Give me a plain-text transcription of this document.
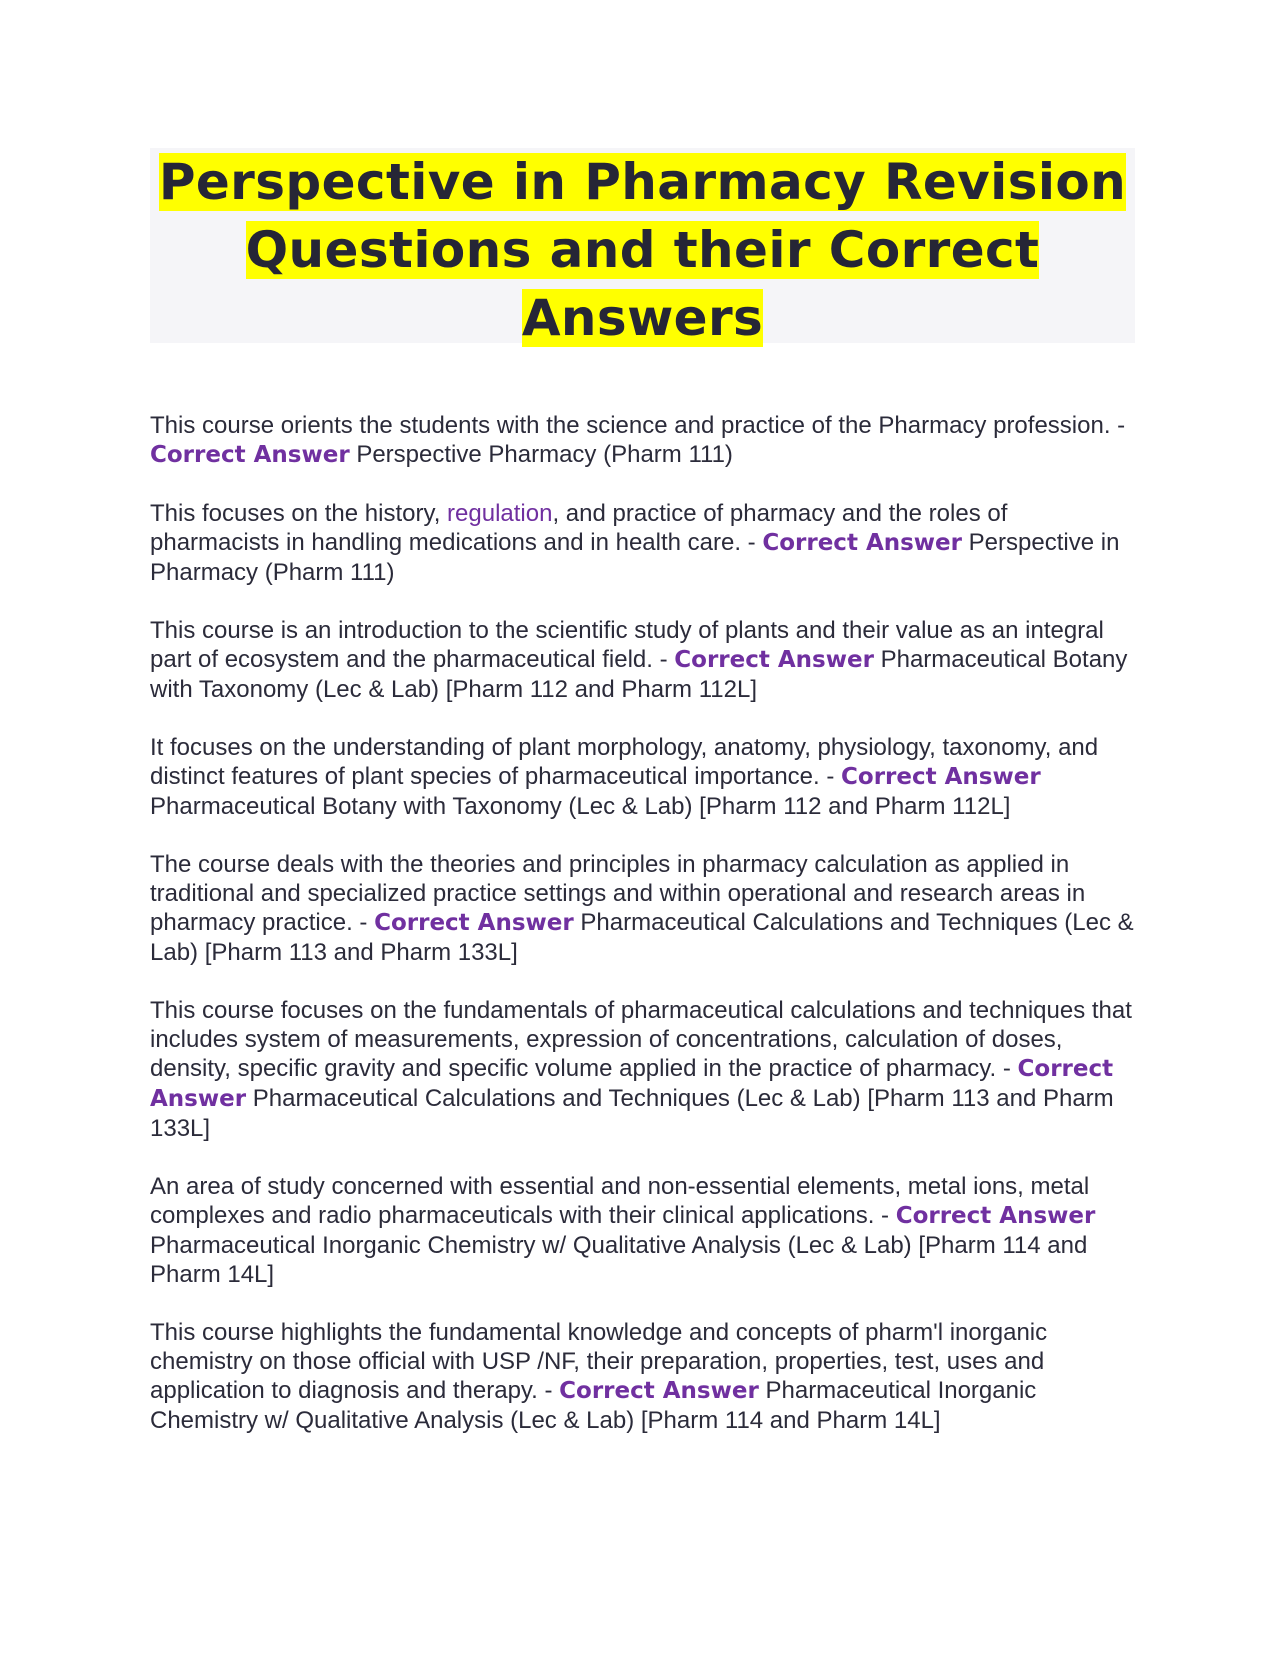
Perspective in Pharmacy Revision
Questions and their Correct
Answers

This course orients the students with the science and practice of the Pharmacy profession. - Correct Answer Perspective Pharmacy (Pharm 111)

This focuses on the history, regulation, and practice of pharmacy and the roles of pharmacists in handling medications and in health care. - Correct Answer Perspective in Pharmacy (Pharm 111)

This course is an introduction to the scientific study of plants and their value as an integral part of ecosystem and the pharmaceutical field. - Correct Answer Pharmaceutical Botany with Taxonomy (Lec & Lab) [Pharm 112 and Pharm 112L]

It focuses on the understanding of plant morphology, anatomy, physiology, taxonomy, and distinct features of plant species of pharmaceutical importance. - Correct Answer Pharmaceutical Botany with Taxonomy (Lec & Lab) [Pharm 112 and Pharm 112L]

The course deals with the theories and principles in pharmacy calculation as applied in traditional and specialized practice settings and within operational and research areas in pharmacy practice. - Correct Answer Pharmaceutical Calculations and Techniques (Lec & Lab) [Pharm 113 and Pharm 133L]

This course focuses on the fundamentals of pharmaceutical calculations and techniques that includes system of measurements, expression of concentrations, calculation of doses, density, specific gravity and specific volume applied in the practice of pharmacy. - Correct Answer Pharmaceutical Calculations and Techniques (Lec & Lab) [Pharm 113 and Pharm 133L]

An area of study concerned with essential and non-essential elements, metal ions, metal complexes and radio pharmaceuticals with their clinical applications. - Correct Answer Pharmaceutical Inorganic Chemistry w/ Qualitative Analysis (Lec & Lab) [Pharm 114 and Pharm 14L]

This course highlights the fundamental knowledge and concepts of pharm'l inorganic chemistry on those official with USP /NF, their preparation, properties, test, uses and application to diagnosis and therapy. - Correct Answer Pharmaceutical Inorganic Chemistry w/ Qualitative Analysis (Lec & Lab) [Pharm 114 and Pharm 14L]
